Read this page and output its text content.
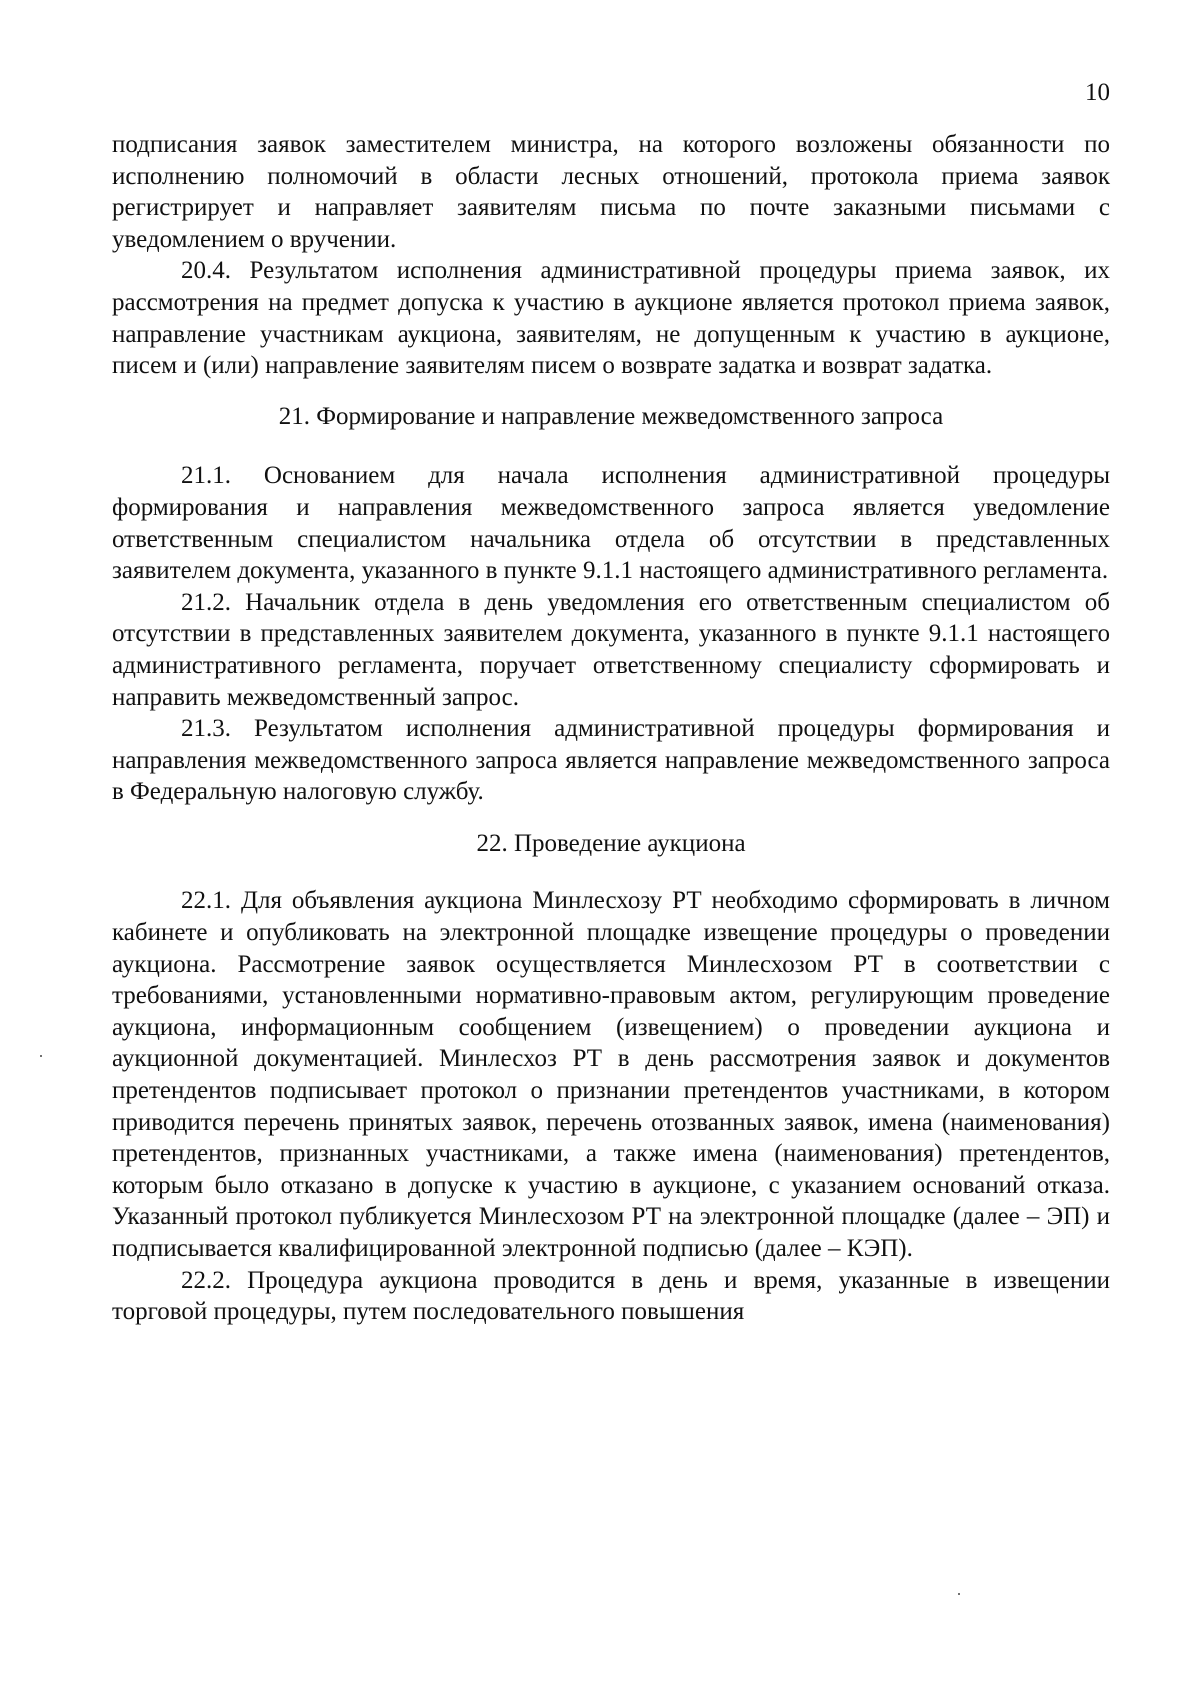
10

подписания заявок заместителем министра, на которого возложены обязанности по исполнению полномочий в области лесных отношений, протокола приема заявок регистрирует и направляет заявителям письма по почте заказными письмами с уведомлением о вручении.

20.4. Результатом исполнения административной процедуры приема заявок, их рассмотрения на предмет допуска к участию в аукционе является протокол приема заявок, направление участникам аукциона, заявителям, не допущенным к участию в аукционе, писем и (или) направление заявителям писем о возврате задатка и возврат задатка.

21. Формирование и направление межведомственного запроса

21.1. Основанием для начала исполнения административной процедуры формирования и направления межведомственного запроса является уведомление ответственным специалистом начальника отдела об отсутствии в представленных заявителем документа, указанного в пункте 9.1.1 настоящего административного регламента.

21.2. Начальник отдела в день уведомления его ответственным специалистом об отсутствии в представленных заявителем документа, указанного в пункте 9.1.1 настоящего административного регламента, поручает ответственному специалисту сформировать и направить межведомственный запрос.

21.3. Результатом исполнения административной процедуры формирования и направления межведомственного запроса является направление межведомственного запроса в Федеральную налоговую службу.

22. Проведение аукциона

22.1. Для объявления аукциона Минлесхозу РТ необходимо сформировать в личном кабинете и опубликовать на электронной площадке извещение процедуры о проведении аукциона. Рассмотрение заявок осуществляется Минлесхозом РТ в соответствии с требованиями, установленными нормативно-правовым актом, регулирующим проведение аукциона, информационным сообщением (извещением) о проведении аукциона и аукционной документацией. Минлесхоз РТ в день рассмотрения заявок и документов претендентов подписывает протокол о признании претендентов участниками, в котором приводится перечень принятых заявок, перечень отозванных заявок, имена (наименования) претендентов, признанных участниками, а также имена (наименования) претендентов, которым было отказано в допуске к участию в аукционе, с указанием оснований отказа. Указанный протокол публикуется Минлесхозом РТ на электронной площадке (далее – ЭП) и подписывается квалифицированной электронной подписью (далее – КЭП).

22.2. Процедура аукциона проводится в день и время, указанные в извещении торговой процедуры, путем последовательного повышения
